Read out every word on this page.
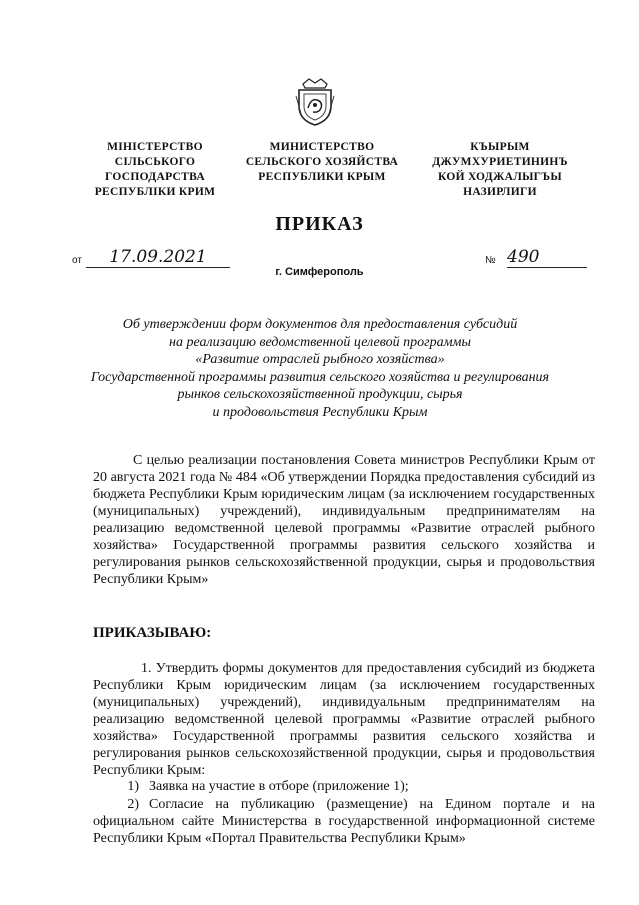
МІНІСТЕРСТВО
СІЛЬСЬКОГО
ГОСПОДАРСТВА
РЕСПУБЛІКИ КРИМ
МИНИСТЕРСТВО
СЕЛЬСКОГО ХОЗЯЙСТВА
РЕСПУБЛИКИ КРЫМ
КЪЫРЫМ
ДЖУМХУРИЕТИНИНЪ
КОЙ ХОДЖАЛЫГЪЫ
НАЗИРЛИГИ
ПРИКАЗ
от	17.09.2021	№ 490
г. Симферополь
Об утверждении форм документов для предоставления субсидий
на реализацию ведомственной целевой программы
«Развитие отраслей рыбного хозяйства»
Государственной программы развития сельского хозяйства и регулирования
рынков сельскохозяйственной продукции, сырья
и продовольствия Республики Крым
С целью реализации постановления Совета министров Республики Крым от 20 августа 2021 года № 484 «Об утверждении Порядка предоставления субсидий из бюджета Республики Крым юридическим лицам (за исключением государственных (муниципальных) учреждений), индивидуальным предпринимателям на реализацию ведомственной целевой программы «Развитие отраслей рыбного хозяйства» Государственной программы развития сельского хозяйства и регулирования рынков сельскохозяйственной продукции, сырья и продовольствия Республики Крым»
ПРИКАЗЫВАЮ:
1. Утвердить формы документов для предоставления субсидий из бюджета Республики Крым юридическим лицам (за исключением государственных (муниципальных) учреждений), индивидуальным предпринимателям на реализацию ведомственной целевой программы «Развитие отраслей рыбного хозяйства» Государственной программы развития сельского хозяйства и регулирования рынков сельскохозяйственной продукции, сырья и продовольствия Республики Крым:
1) Заявка на участие в отборе (приложение 1);
2) Согласие на публикацию (размещение) на Едином портале и на официальном сайте Министерства в государственной информационной системе Республики Крым «Портал Правительства Республики Крым»
